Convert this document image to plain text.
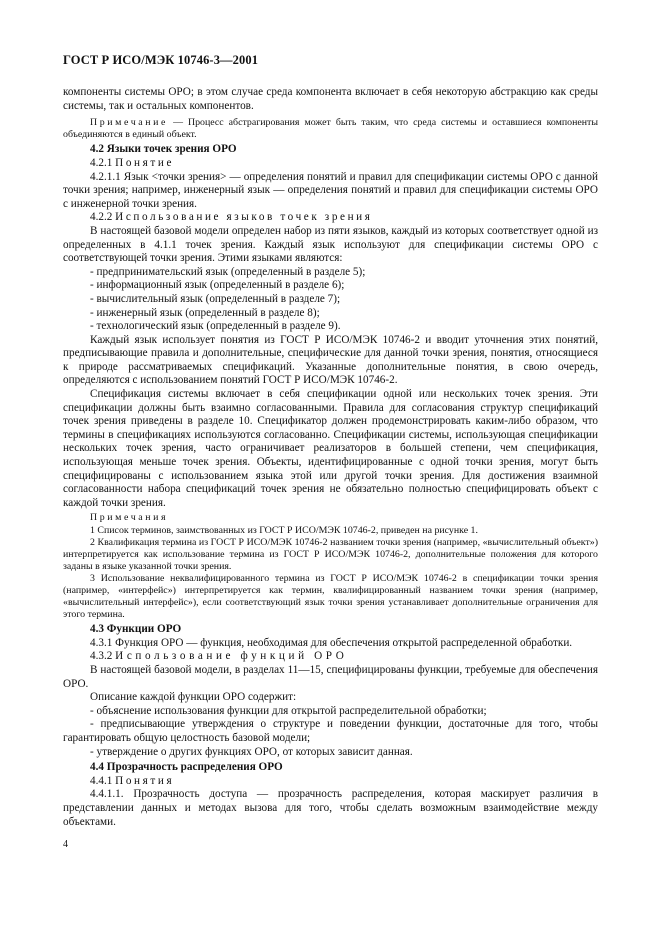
ГОСТ Р ИСО/МЭК 10746-3—2001

компоненты системы ОРО; в этом случае среда компонента включает в себя некоторую абстракцию как среды системы, так и остальных компонентов.

Примечание — Процесс абстрагирования может быть таким, что среда системы и оставшиеся компоненты объединяются в единый объект.

4.2 Языки точек зрения ОРО

4.2.1 Понятие

4.2.1.1 Язык <точки зрения> — определения понятий и правил для спецификации системы ОРО с данной точки зрения; например, инженерный язык — определения понятий и правил для спецификации системы ОРО с инженерной точки зрения.

4.2.2 Использование языков точек зрения

В настоящей базовой модели определен набор из пяти языков, каждый из которых соответствует одной из определенных в 4.1.1 точек зрения. Каждый язык используют для спецификации системы ОРО с соответствующей точки зрения. Этими языками являются:

- предпринимательский язык (определенный в разделе 5);

- информационный язык (определенный в разделе 6);

- вычислительный язык (определенный в разделе 7);

- инженерный язык (определенный в разделе 8);

- технологический язык (определенный в разделе 9).

Каждый язык использует понятия из ГОСТ Р ИСО/МЭК 10746-2 и вводит уточнения этих понятий, предписывающие правила и дополнительные, специфические для данной точки зрения, понятия, относящиеся к природе рассматриваемых спецификаций. Указанные дополнительные понятия, в свою очередь, определяются с использованием понятий ГОСТ Р ИСО/МЭК 10746-2.

Спецификация системы включает в себя спецификации одной или нескольких точек зрения. Эти спецификации должны быть взаимно согласованными. Правила для согласования структур спецификаций точек зрения приведены в разделе 10. Спецификатор должен продемонстрировать каким-либо образом, что термины в спецификациях используются согласованно. Спецификации системы, использующая спецификации нескольких точек зрения, часто ограничивает реализаторов в большей степени, чем спецификация, использующая меньше точек зрения. Объекты, идентифицированные с одной точки зрения, могут быть специфицированы с использованием языка этой или другой точки зрения. Для достижения взаимной согласованности набора спецификаций точек зрения не обязательно полностью специфицировать объект с каждой точки зрения.

Примечания

1 Список терминов, заимствованных из ГОСТ Р ИСО/МЭК 10746-2, приведен на рисунке 1.

2 Квалификация термина из ГОСТ Р ИСО/МЭК 10746-2 названием точки зрения (например, «вычислительный объект») интерпретируется как использование термина из ГОСТ Р ИСО/МЭК 10746-2, дополнительные положения для которого заданы в языке указанной точки зрения.

3 Использование неквалифицированного термина из ГОСТ Р ИСО/МЭК 10746-2 в спецификации точки зрения (например, «интерфейс») интерпретируется как термин, квалифицированный названием точки зрения (например, «вычислительный интерфейс»), если соответствующий язык точки зрения устанавливает дополнительные ограничения для этого термина.

4.3 Функции ОРО

4.3.1 Функция ОРО — функция, необходимая для обеспечения открытой распределенной обработки.

4.3.2 Использование функций ОРО

В настоящей базовой модели, в разделах 11—15, специфицированы функции, требуемые для обеспечения ОРО.

Описание каждой функции ОРО содержит:

- объяснение использования функции для открытой распределительной обработки;

- предписывающие утверждения о структуре и поведении функции, достаточные для того, чтобы гарантировать общую целостность базовой модели;

- утверждение о других функциях ОРО, от которых зависит данная.

4.4 Прозрачность распределения ОРО

4.4.1 Понятия

4.4.1.1. Прозрачность доступа — прозрачность распределения, которая маскирует различия в представлении данных и методах вызова для того, чтобы сделать возможным взаимодействие между объектами.

4
